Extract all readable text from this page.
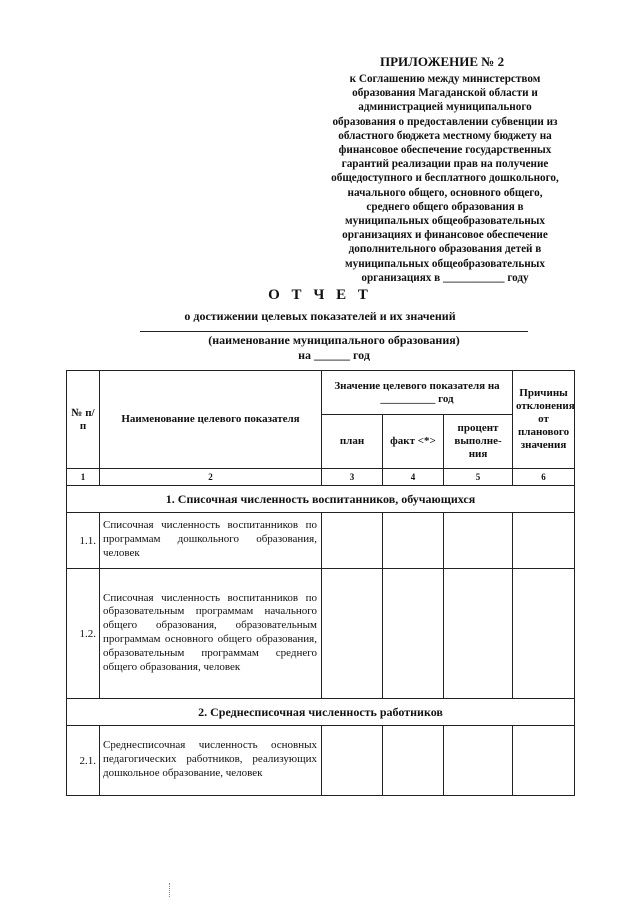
ПРИЛОЖЕНИЕ № 2
к Соглашению между министерством
образования Магаданской области и
администрацией муниципального
образования о предоставлении субвенции из
областного бюджета местному бюджету на
финансовое обеспечение государственных
гарантий реализации прав на получение
общедоступного и бесплатного дошкольного,
начального общего, основного общего,
среднего общего образования в
муниципальных общеобразовательных
организациях и финансовое обеспечение
дополнительного образования детей в
муниципальных общеобразовательных
организациях в ___________ году
О Т Ч Е Т
о достижении целевых показателей и их значений
(наименование муниципального образования)
на ______ год
№ п/п	Наименование целевого показателя	Значение целевого показателя на __________ год			Причины отклонения от планового значения
		план	факт <*>	процент выполне-ния	
1	2	3	4	5	6
1. Списочная численность воспитанников, обучающихся					
1.1.	Списочная численность воспитанников по программам дошкольного образования, человек				
1.2.	Списочная численность воспитанников по образовательным программам начального общего образования, образовательным программам основного общего образования, образовательным программам среднего общего образования, человек				
2. Среднесписочная численность работников					
2.1.	Среднесписочная численность основных педагогических работников, реализующих дошкольное образование, человек				
